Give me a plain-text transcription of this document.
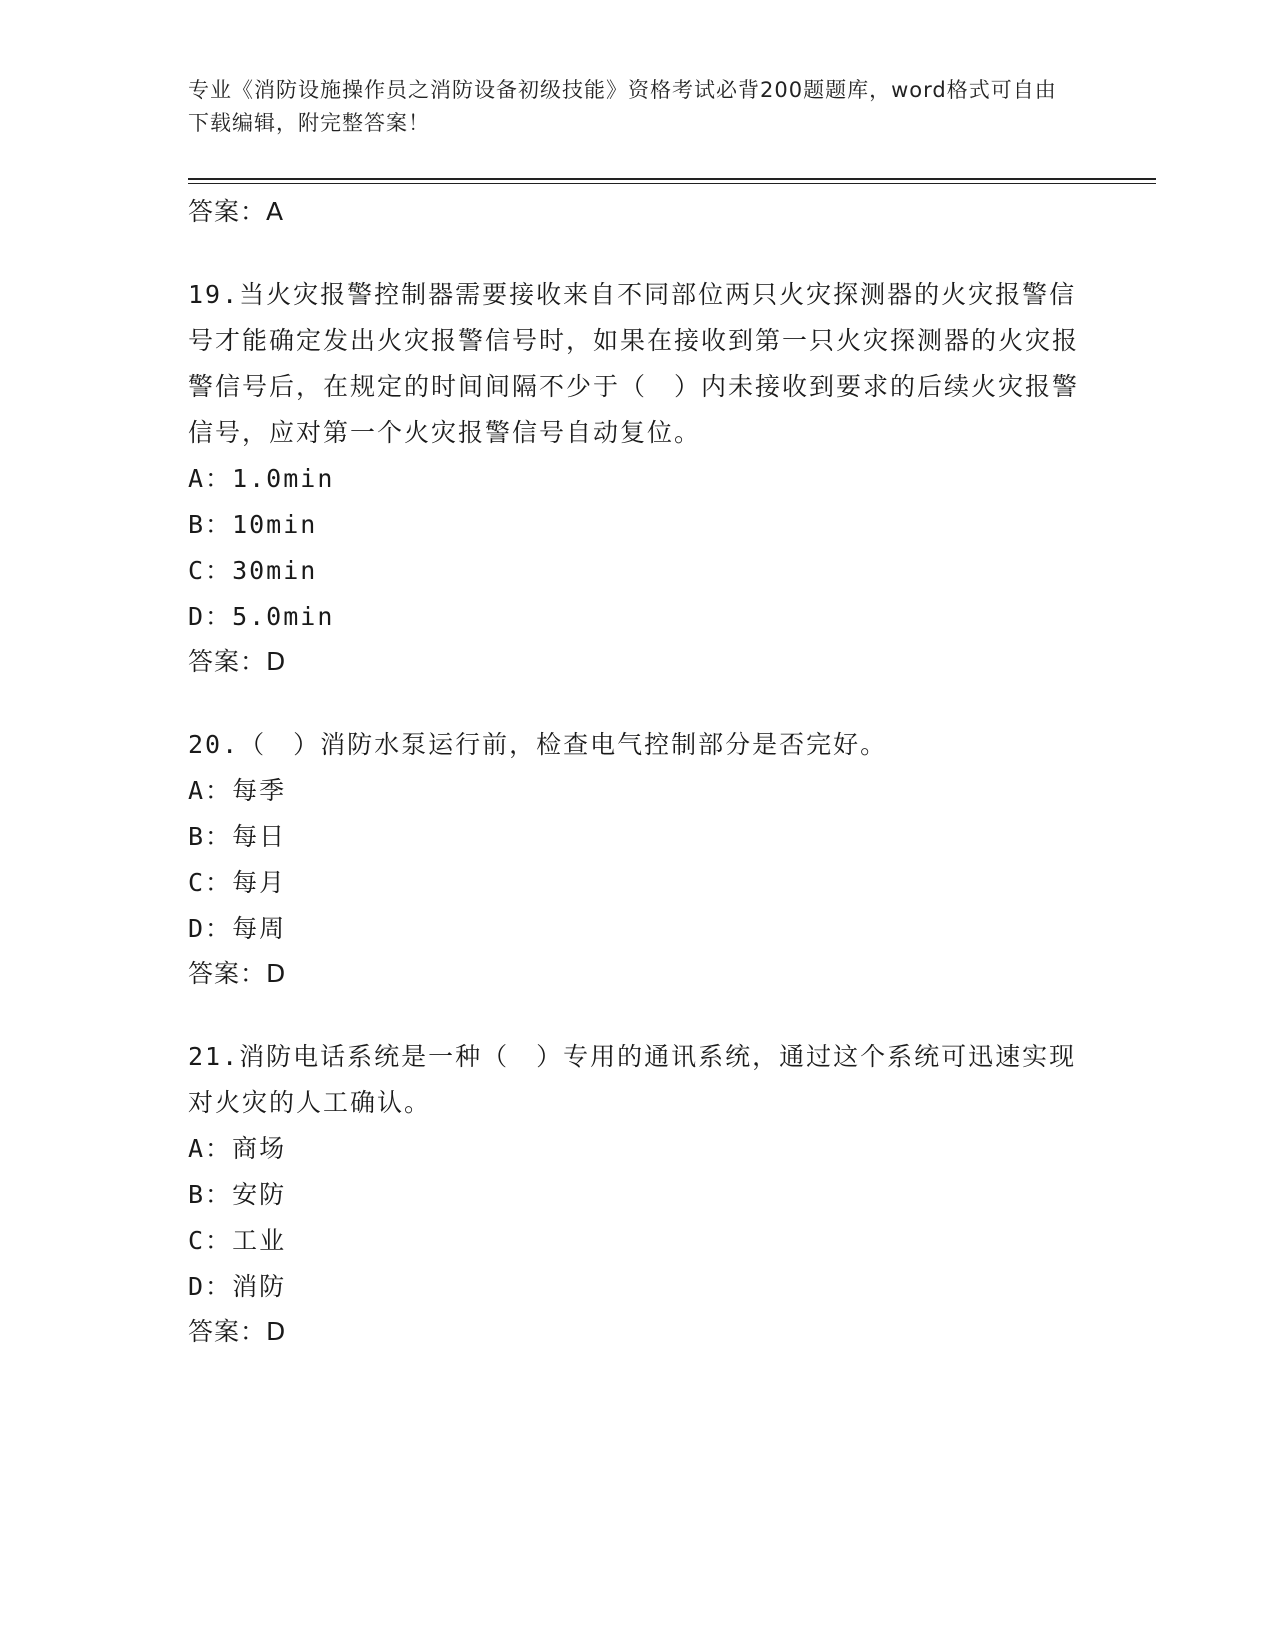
专业《消防设施操作员之消防设备初级技能》资格考试必背200题题库，word格式可自由下载编辑，附完整答案！
答案：A
19.当火灾报警控制器需要接收来自不同部位两只火灾探测器的火灾报警信号才能确定发出火灾报警信号时，如果在接收到第一只火灾探测器的火灾报警信号后，在规定的时间间隔不少于（　）内未接收到要求的后续火灾报警信号，应对第一个火灾报警信号自动复位。
A：1.0min
B：10min
C：30min
D：5.0min
答案：D
20.（　）消防水泵运行前，检查电气控制部分是否完好。
A：每季
B：每日
C：每月
D：每周
答案：D
21.消防电话系统是一种（　）专用的通讯系统，通过这个系统可迅速实现对火灾的人工确认。
A：商场
B：安防
C：工业
D：消防
答案：D
